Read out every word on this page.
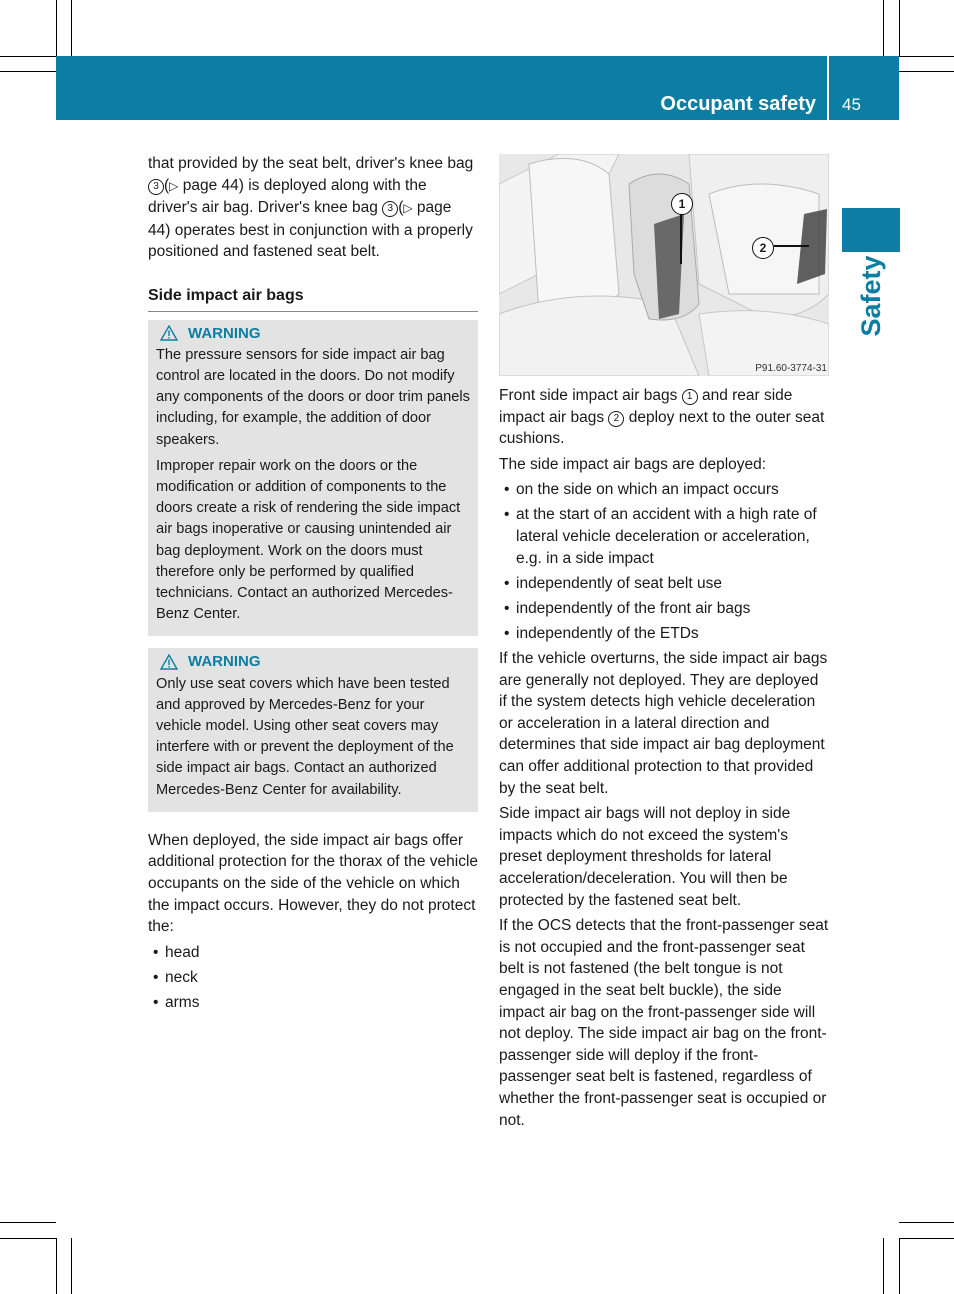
Occupant safety 45
Safety

that provided by the seat belt, driver's knee bag 3 (▷ page 44) is deployed along with the driver's air bag. Driver's knee bag 3 (▷ page 44) operates best in conjunction with a properly positioned and fastened seat belt.

Side impact air bags
WARNING

The pressure sensors for side impact air bag control are located in the doors. Do not modify any components of the doors or door trim panels including, for example, the addition of door speakers.

Improper repair work on the doors or the modification or addition of components to the doors create a risk of rendering the side impact air bags inoperative or causing unintended air bag deployment. Work on the doors must therefore only be performed by qualified technicians. Contact an authorized Mercedes-Benz Center.

WARNING

Only use seat covers which have been tested and approved by Mercedes-Benz for your vehicle model. Using other seat covers may interfere with or prevent the deployment of the side impact air bags. Contact an authorized Mercedes-Benz Center for availability.

When deployed, the side impact air bags offer additional protection for the thorax of the vehicle occupants on the side of the vehicle on which the impact occurs. However, they do not protect the:

• head
• neck
• arms
1
2
P91.60-3774-31

Front side impact air bags 1 and rear side impact air bags 2 deploy next to the outer seat cushions.

The side impact air bags are deployed:

• on the side on which an impact occurs
• at the start of an accident with a high rate of lateral vehicle deceleration or acceleration, e.g. in a side impact
• independently of seat belt use
• independently of the front air bags
• independently of the ETDs

If the vehicle overturns, the side impact air bags are generally not deployed. They are deployed if the system detects high vehicle deceleration or acceleration in a lateral direction and determines that side impact air bag deployment can offer additional protection to that provided by the seat belt.

Side impact air bags will not deploy in side impacts which do not exceed the system's preset deployment thresholds for lateral acceleration/deceleration. You will then be protected by the fastened seat belt.

If the OCS detects that the front-passenger seat is not occupied and the front-passenger seat belt is not fastened (the belt tongue is not engaged in the seat belt buckle), the side impact air bag on the front-passenger side will not deploy. The side impact air bag on the front-passenger side will deploy if the front-passenger seat belt is fastened, regardless of whether the front-passenger seat is occupied or not.
